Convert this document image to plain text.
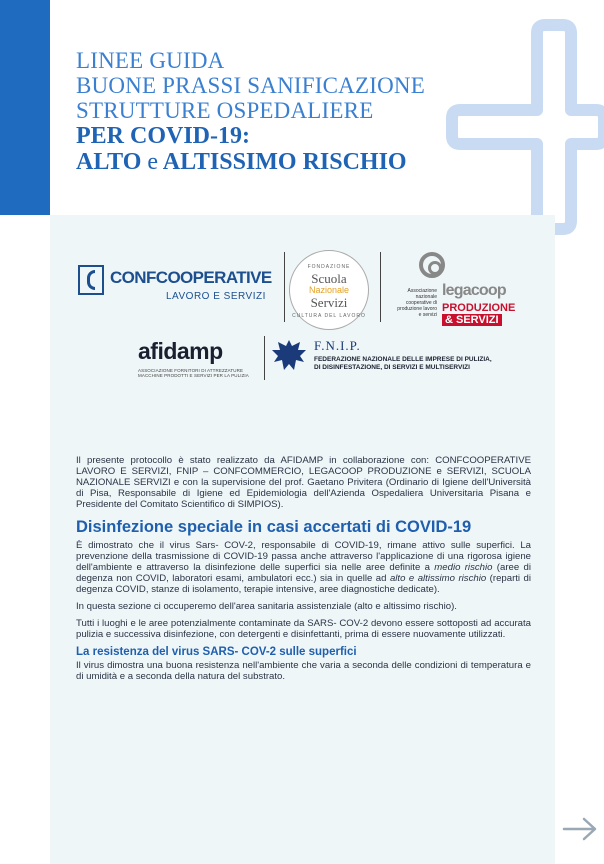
LINEE GUIDA
BUONE PRASSI SANIFICAZIONE
STRUTTURE OSPEDALIERE
PER COVID-19:
ALTO e ALTISSIMO RISCHIO
CONFCOOPERATIVE
LAVORO E SERVIZI
FONDAZIONE
Scuola
Nazionale
Servizi
CULTURA DEL LAVORO
Associazione nazionale cooperative di produzione lavoro e servizi
legacoop
PRODUZIONE
& SERVIZI
afidamp
ASSOCIAZIONE FORNITORI DI ATTREZZATURE MACCHINE PRODOTTI E SERVIZI PER LA PULIZIA
F.N.I.P.
FEDERAZIONE NAZIONALE DELLE IMPRESE DI PULIZIA,
DI DISINFESTAZIONE, DI SERVIZI E MULTISERVIZI

Il presente protocollo è stato realizzato da AFIDAMP in collaborazione con: CONFCOOPERATIVE LAVORO E SERVIZI, FNIP – CONFCOMMERCIO, LEGACOOP PRODUZIONE e SERVIZI, SCUOLA NAZIONALE SERVIZI e con la supervisione del prof. Gaetano Privitera (Ordinario di Igiene dell'Università di Pisa, Responsabile di Igiene ed Epidemiologia dell'Azienda Ospedaliera Universitaria Pisana e Presidente del Comitato Scientifico di SIMPIOS).

Disinfezione speciale in casi accertati di COVID-19

È dimostrato che il virus Sars- COV-2, responsabile di COVID-19, rimane attivo sulle superfici. La prevenzione della trasmissione di COVID-19 passa anche attraverso l'applicazione di una rigorosa igiene dell'ambiente e attraverso la disinfezione delle superfici sia nelle aree definite a medio rischio (aree di degenza non COVID, laboratori esami, ambulatori ecc.) sia in quelle ad alto e altissimo rischio (reparti di degenza COVID, stanze di isolamento, terapie intensive, aree diagnostiche dedicate).

In questa sezione ci occuperemo dell'area sanitaria assistenziale (alto e altissimo rischio).

Tutti i luoghi e le aree potenzialmente contaminate da SARS- COV-2 devono essere sottoposti ad accurata pulizia e successiva disinfezione, con detergenti e disinfettanti, prima di essere nuovamente utilizzati.

La resistenza del virus SARS- COV-2 sulle superfici

Il virus dimostra una buona resistenza nell'ambiente che varia a seconda delle condizioni di temperatura e di umidità e a seconda della natura del substrato.
